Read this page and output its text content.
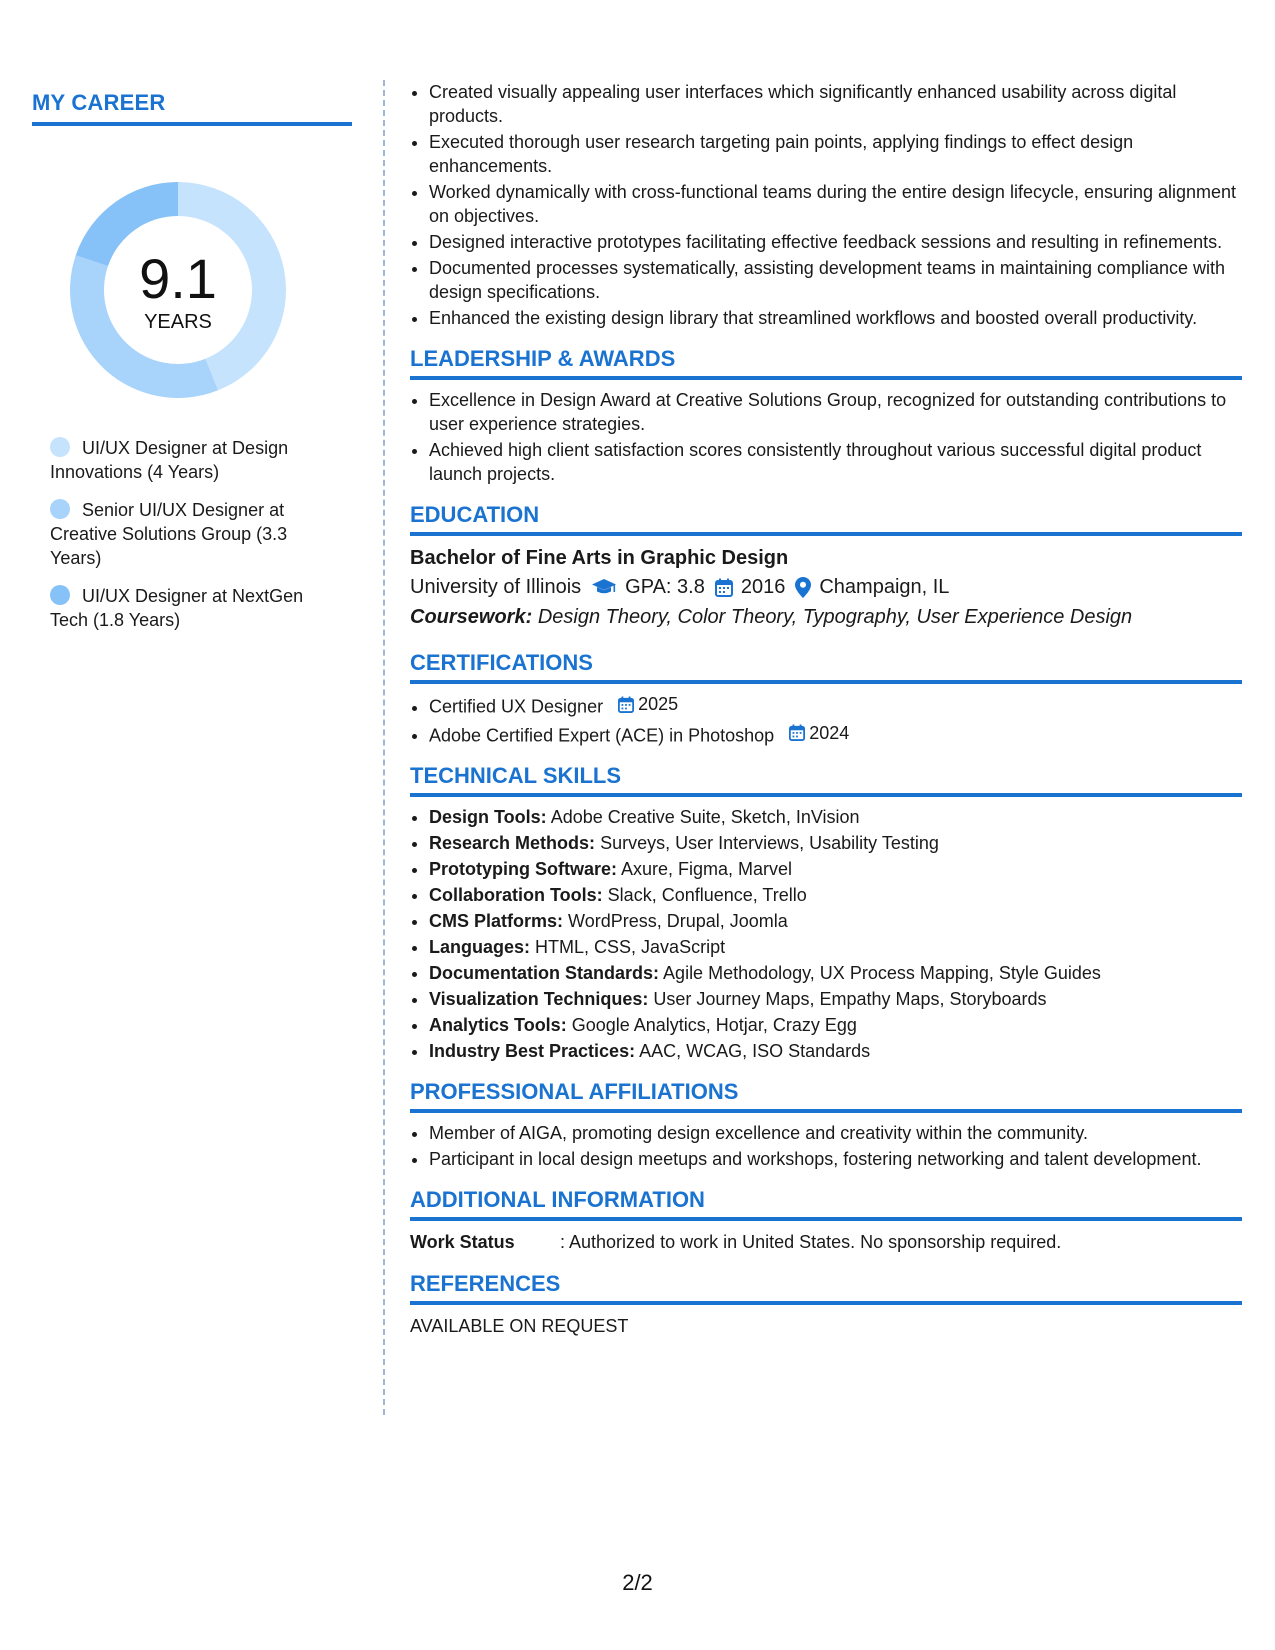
MY CAREER
9.1
YEARS
UI/UX Designer at Design Innovations (4 Years)
Senior UI/UX Designer at Creative Solutions Group (3.3 Years)
UI/UX Designer at NextGen Tech (1.8 Years)
• Created visually appealing user interfaces which significantly enhanced usability across digital products.
• Executed thorough user research targeting pain points, applying findings to effect design enhancements.
• Worked dynamically with cross-functional teams during the entire design lifecycle, ensuring alignment on objectives.
• Designed interactive prototypes facilitating effective feedback sessions and resulting in refinements.
• Documented processes systematically, assisting development teams in maintaining compliance with design specifications.
• Enhanced the existing design library that streamlined workflows and boosted overall productivity.
LEADERSHIP & AWARDS
• Excellence in Design Award at Creative Solutions Group, recognized for outstanding contributions to user experience strategies.
• Achieved high client satisfaction scores consistently throughout various successful digital product launch projects.
EDUCATION
Bachelor of Fine Arts in Graphic Design
University of Illinois GPA: 3.8 2016 Champaign, IL
Coursework: Design Theory, Color Theory, Typography, User Experience Design
CERTIFICATIONS
• Certified UX Designer 2025
• Adobe Certified Expert (ACE) in Photoshop 2024
TECHNICAL SKILLS
• Design Tools: Adobe Creative Suite, Sketch, InVision
• Research Methods: Surveys, User Interviews, Usability Testing
• Prototyping Software: Axure, Figma, Marvel
• Collaboration Tools: Slack, Confluence, Trello
• CMS Platforms: WordPress, Drupal, Joomla
• Languages: HTML, CSS, JavaScript
• Documentation Standards: Agile Methodology, UX Process Mapping, Style Guides
• Visualization Techniques: User Journey Maps, Empathy Maps, Storyboards
• Analytics Tools: Google Analytics, Hotjar, Crazy Egg
• Industry Best Practices: AAC, WCAG, ISO Standards
PROFESSIONAL AFFILIATIONS
• Member of AIGA, promoting design excellence and creativity within the community.
• Participant in local design meetups and workshops, fostering networking and talent development.
ADDITIONAL INFORMATION
Work Status	: Authorized to work in United States. No sponsorship required.
REFERENCES

AVAILABLE ON REQUEST

2/2
